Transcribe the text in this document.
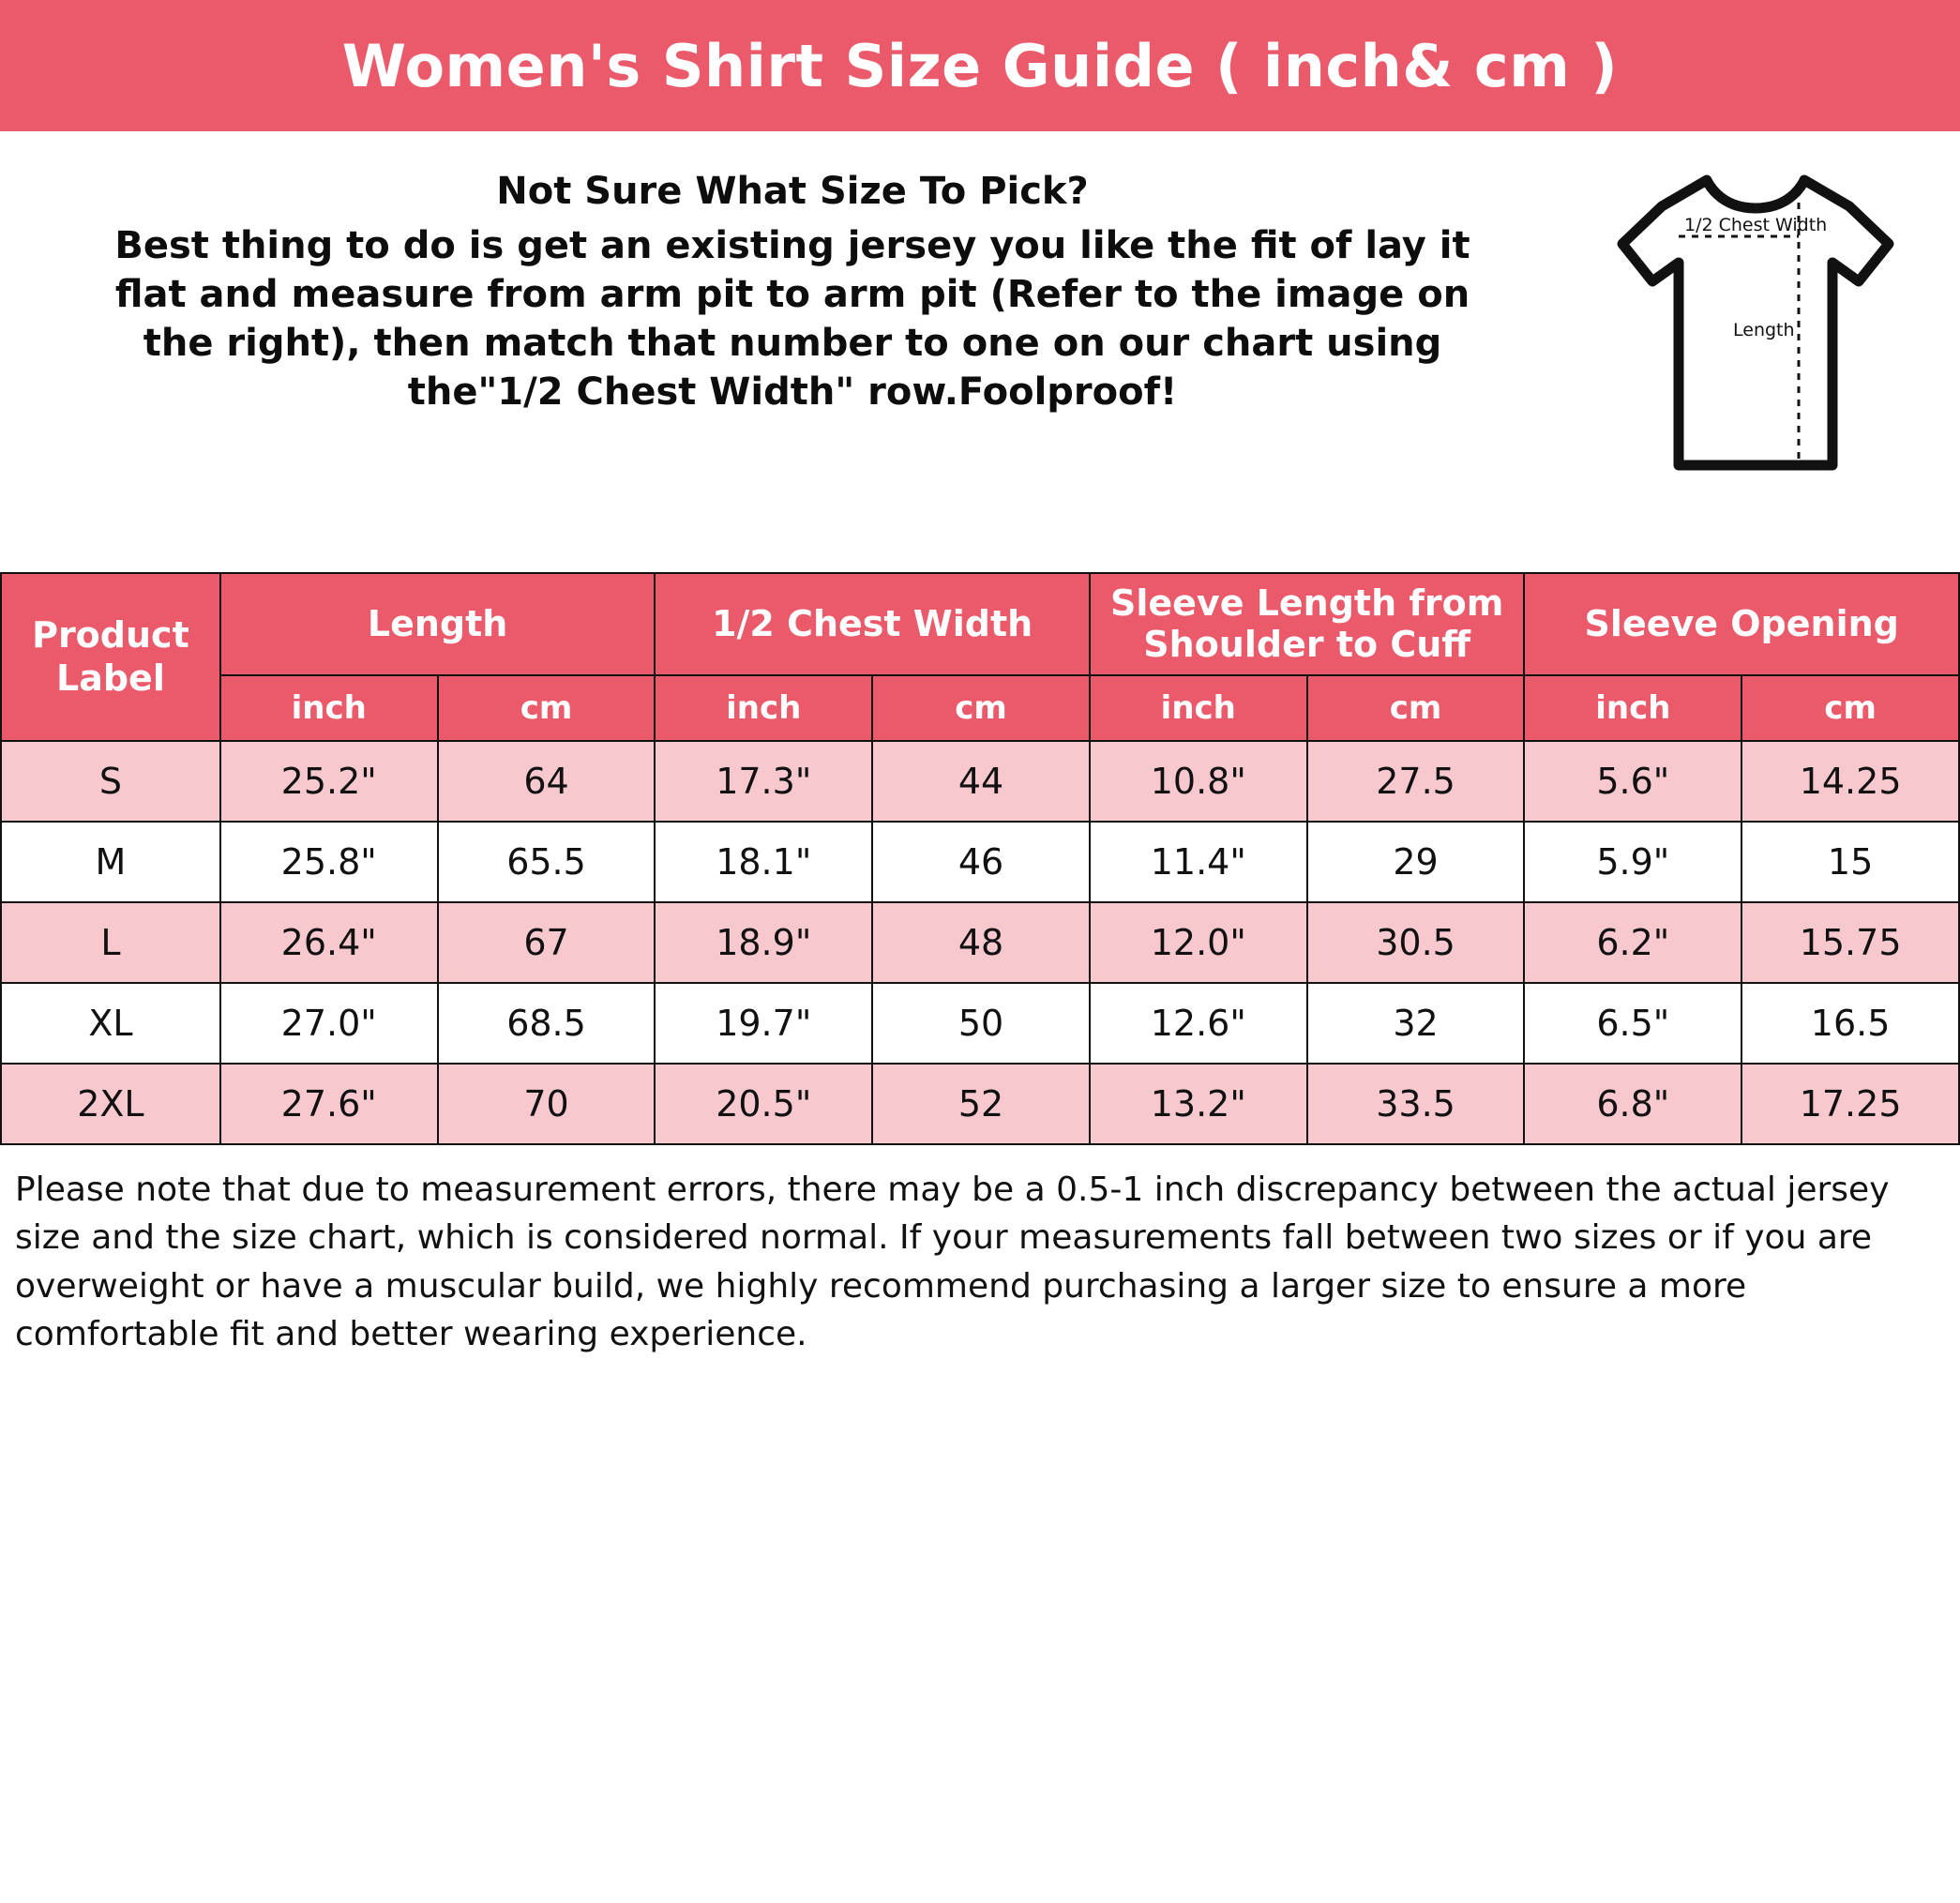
Women's Shirt Size Guide ( inch& cm )
Not Sure What Size To Pick?
Best thing to do is get an existing jersey you like the fit of lay it
flat and measure from arm pit to arm pit (Refer to the image on
the right), then match that number to one on our chart using
the"1/2 Chest Width" row.Foolproof!
1/2 Chest Width
Length
Product Label	Length		1/2 Chest Width		Sleeve Length from Shoulder to Cuff		Sleeve Opening	
	inch	cm	inch	cm	inch	cm	inch	cm
S	25.2"	64	17.3"	44	10.8"	27.5	5.6"	14.25
M	25.8"	65.5	18.1"	46	11.4"	29	5.9"	15
L	26.4"	67	18.9"	48	12.0"	30.5	6.2"	15.75
XL	27.0"	68.5	19.7"	50	12.6"	32	6.5"	16.5
2XL	27.6"	70	20.5"	52	13.2"	33.5	6.8"	17.25
Please note that due to measurement errors, there may be a 0.5-1 inch discrepancy between the actual jersey size and the size chart, which is considered normal. If your measurements fall between two sizes or if you are overweight or have a muscular build, we highly recommend purchasing a larger size to ensure a more comfortable fit and better wearing experience.
